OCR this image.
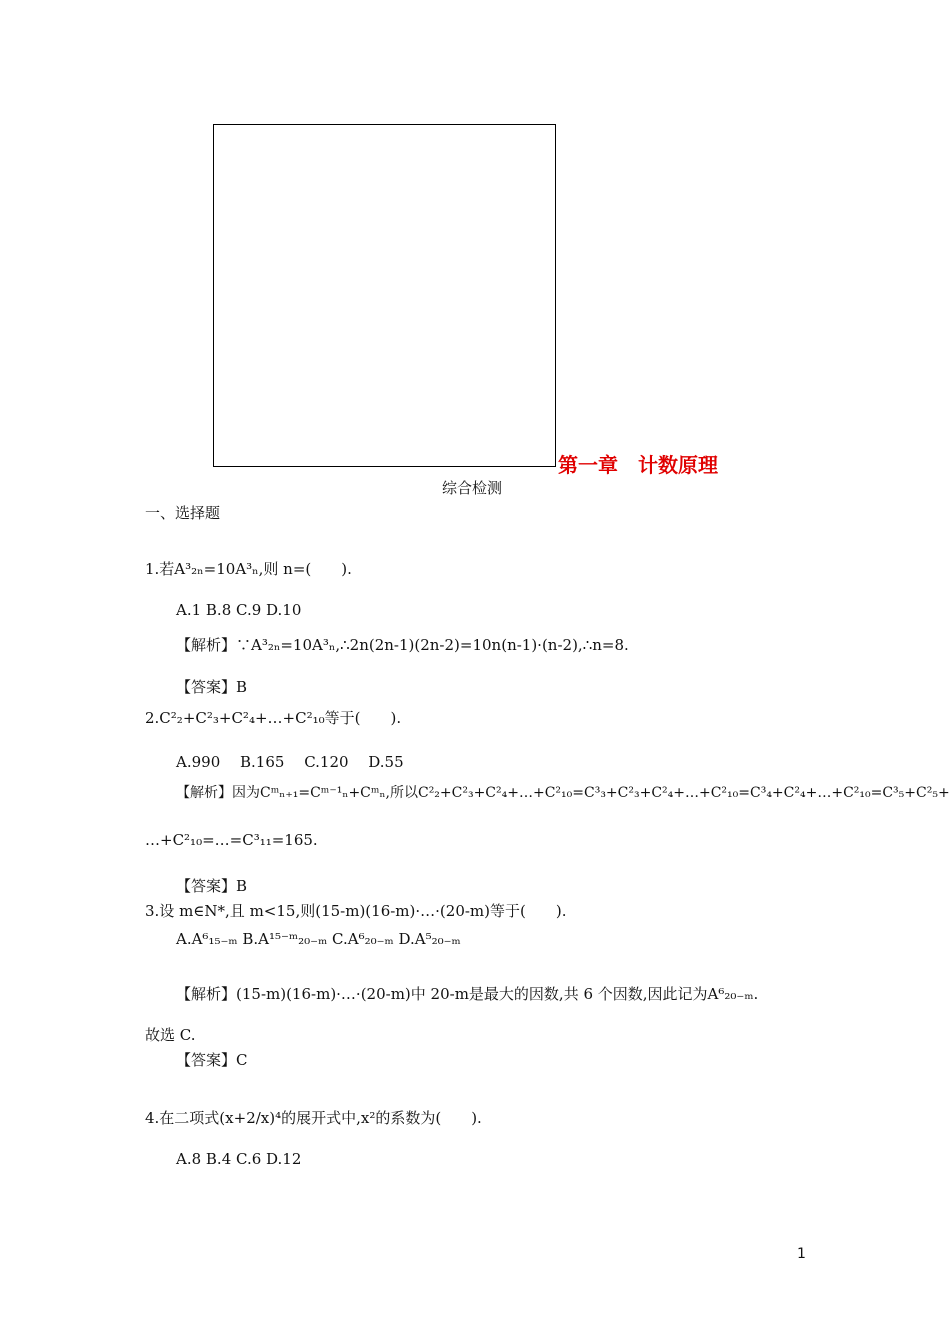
第一章　计数原理
综合检测
一、选择题
1.若A³₂ₙ=10A³ₙ,则 n=(　　).
A.1 B.8 C.9 D.10
【解析】∵A³₂ₙ=10A³ₙ,∴2n(2n-1)(2n-2)=10n(n-1)·(n-2),∴n=8.
【答案】B
2.C²₂+C²₃+C²₄+…+C²₁₀等于(　　).
A.990　 B.165　 C.120　 D.55
【解析】因为Cᵐₙ₊₁=Cᵐ⁻¹ₙ+Cᵐₙ,所以C²₂+C²₃+C²₄+…+C²₁₀=C³₃+C²₃+C²₄+…+C²₁₀=C³₄+C²₄+…+C²₁₀=C³₅+C²₅+
…+C²₁₀=…=C³₁₁=165.
【答案】B
3.设 m∈N*,且 m<15,则(15-m)(16-m)·…·(20-m)等于(　　).
A.A⁶₁₅₋ₘ B.A¹⁵⁻ᵐ₂₀₋ₘ C.A⁶₂₀₋ₘ D.A⁵₂₀₋ₘ
【解析】(15-m)(16-m)·…·(20-m)中 20-m是最大的因数,共 6 个因数,因此记为A⁶₂₀₋ₘ.
故选 C.
【答案】C
4.在二项式(x+2/x)⁴的展开式中,x²的系数为(　　).
A.8 B.4 C.6 D.12
1
